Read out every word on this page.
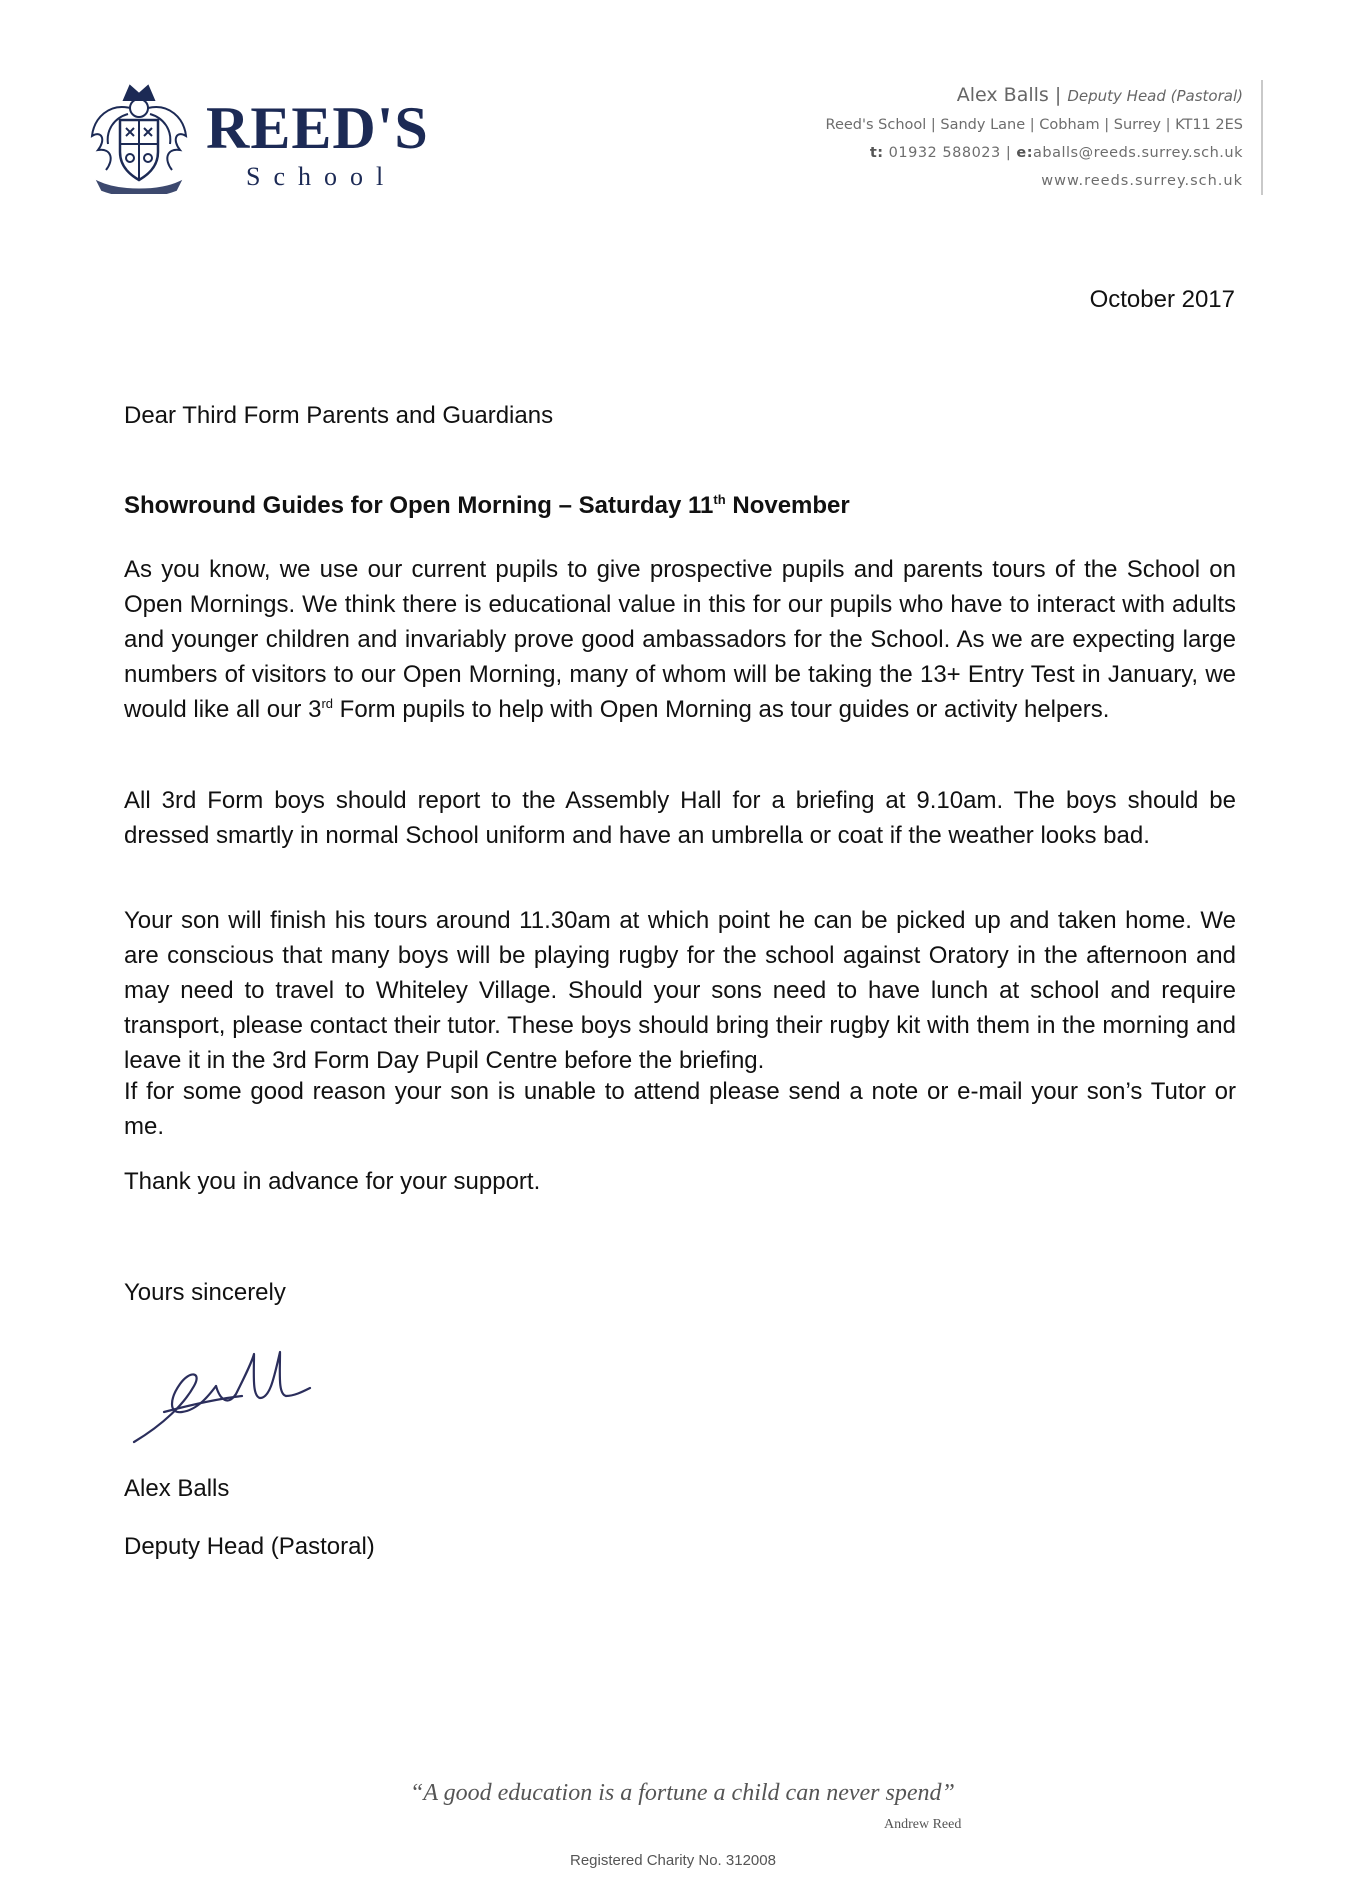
REED'S
School
Alex Balls | Deputy Head (Pastoral)
Reed's School | Sandy Lane | Cobham | Surrey | KT11 2ES
t: 01932 588023 | e:aballs@reeds.surrey.sch.uk
www.reeds.surrey.sch.uk
October 2017
Dear Third Form Parents and Guardians
Showround Guides for Open Morning – Saturday 11th November

As you know, we use our current pupils to give prospective pupils and parents tours of the School on Open Mornings. We think there is educational value in this for our pupils who have to interact with adults and younger children and invariably prove good ambassadors for the School. As we are expecting large numbers of visitors to our Open Morning, many of whom will be taking the 13+ Entry Test in January, we would like all our 3rd Form pupils to help with Open Morning as tour guides or activity helpers.

All 3rd Form boys should report to the Assembly Hall for a briefing at 9.10am. The boys should be dressed smartly in normal School uniform and have an umbrella or coat if the weather looks bad.

Your son will finish his tours around 11.30am at which point he can be picked up and taken home. We are conscious that many boys will be playing rugby for the school against Oratory in the afternoon and may need to travel to Whiteley Village. Should your sons need to have lunch at school and require transport, please contact their tutor. These boys should bring their rugby kit with them in the morning and leave it in the 3rd Form Day Pupil Centre before the briefing.

If for some good reason your son is unable to attend please send a note or e-mail your son’s Tutor or me.

Thank you in advance for your support.

Yours sincerely
Alex Balls
Deputy Head (Pastoral)
“A good education is a fortune a child can never spend”
Andrew Reed
Registered Charity No. 312008
